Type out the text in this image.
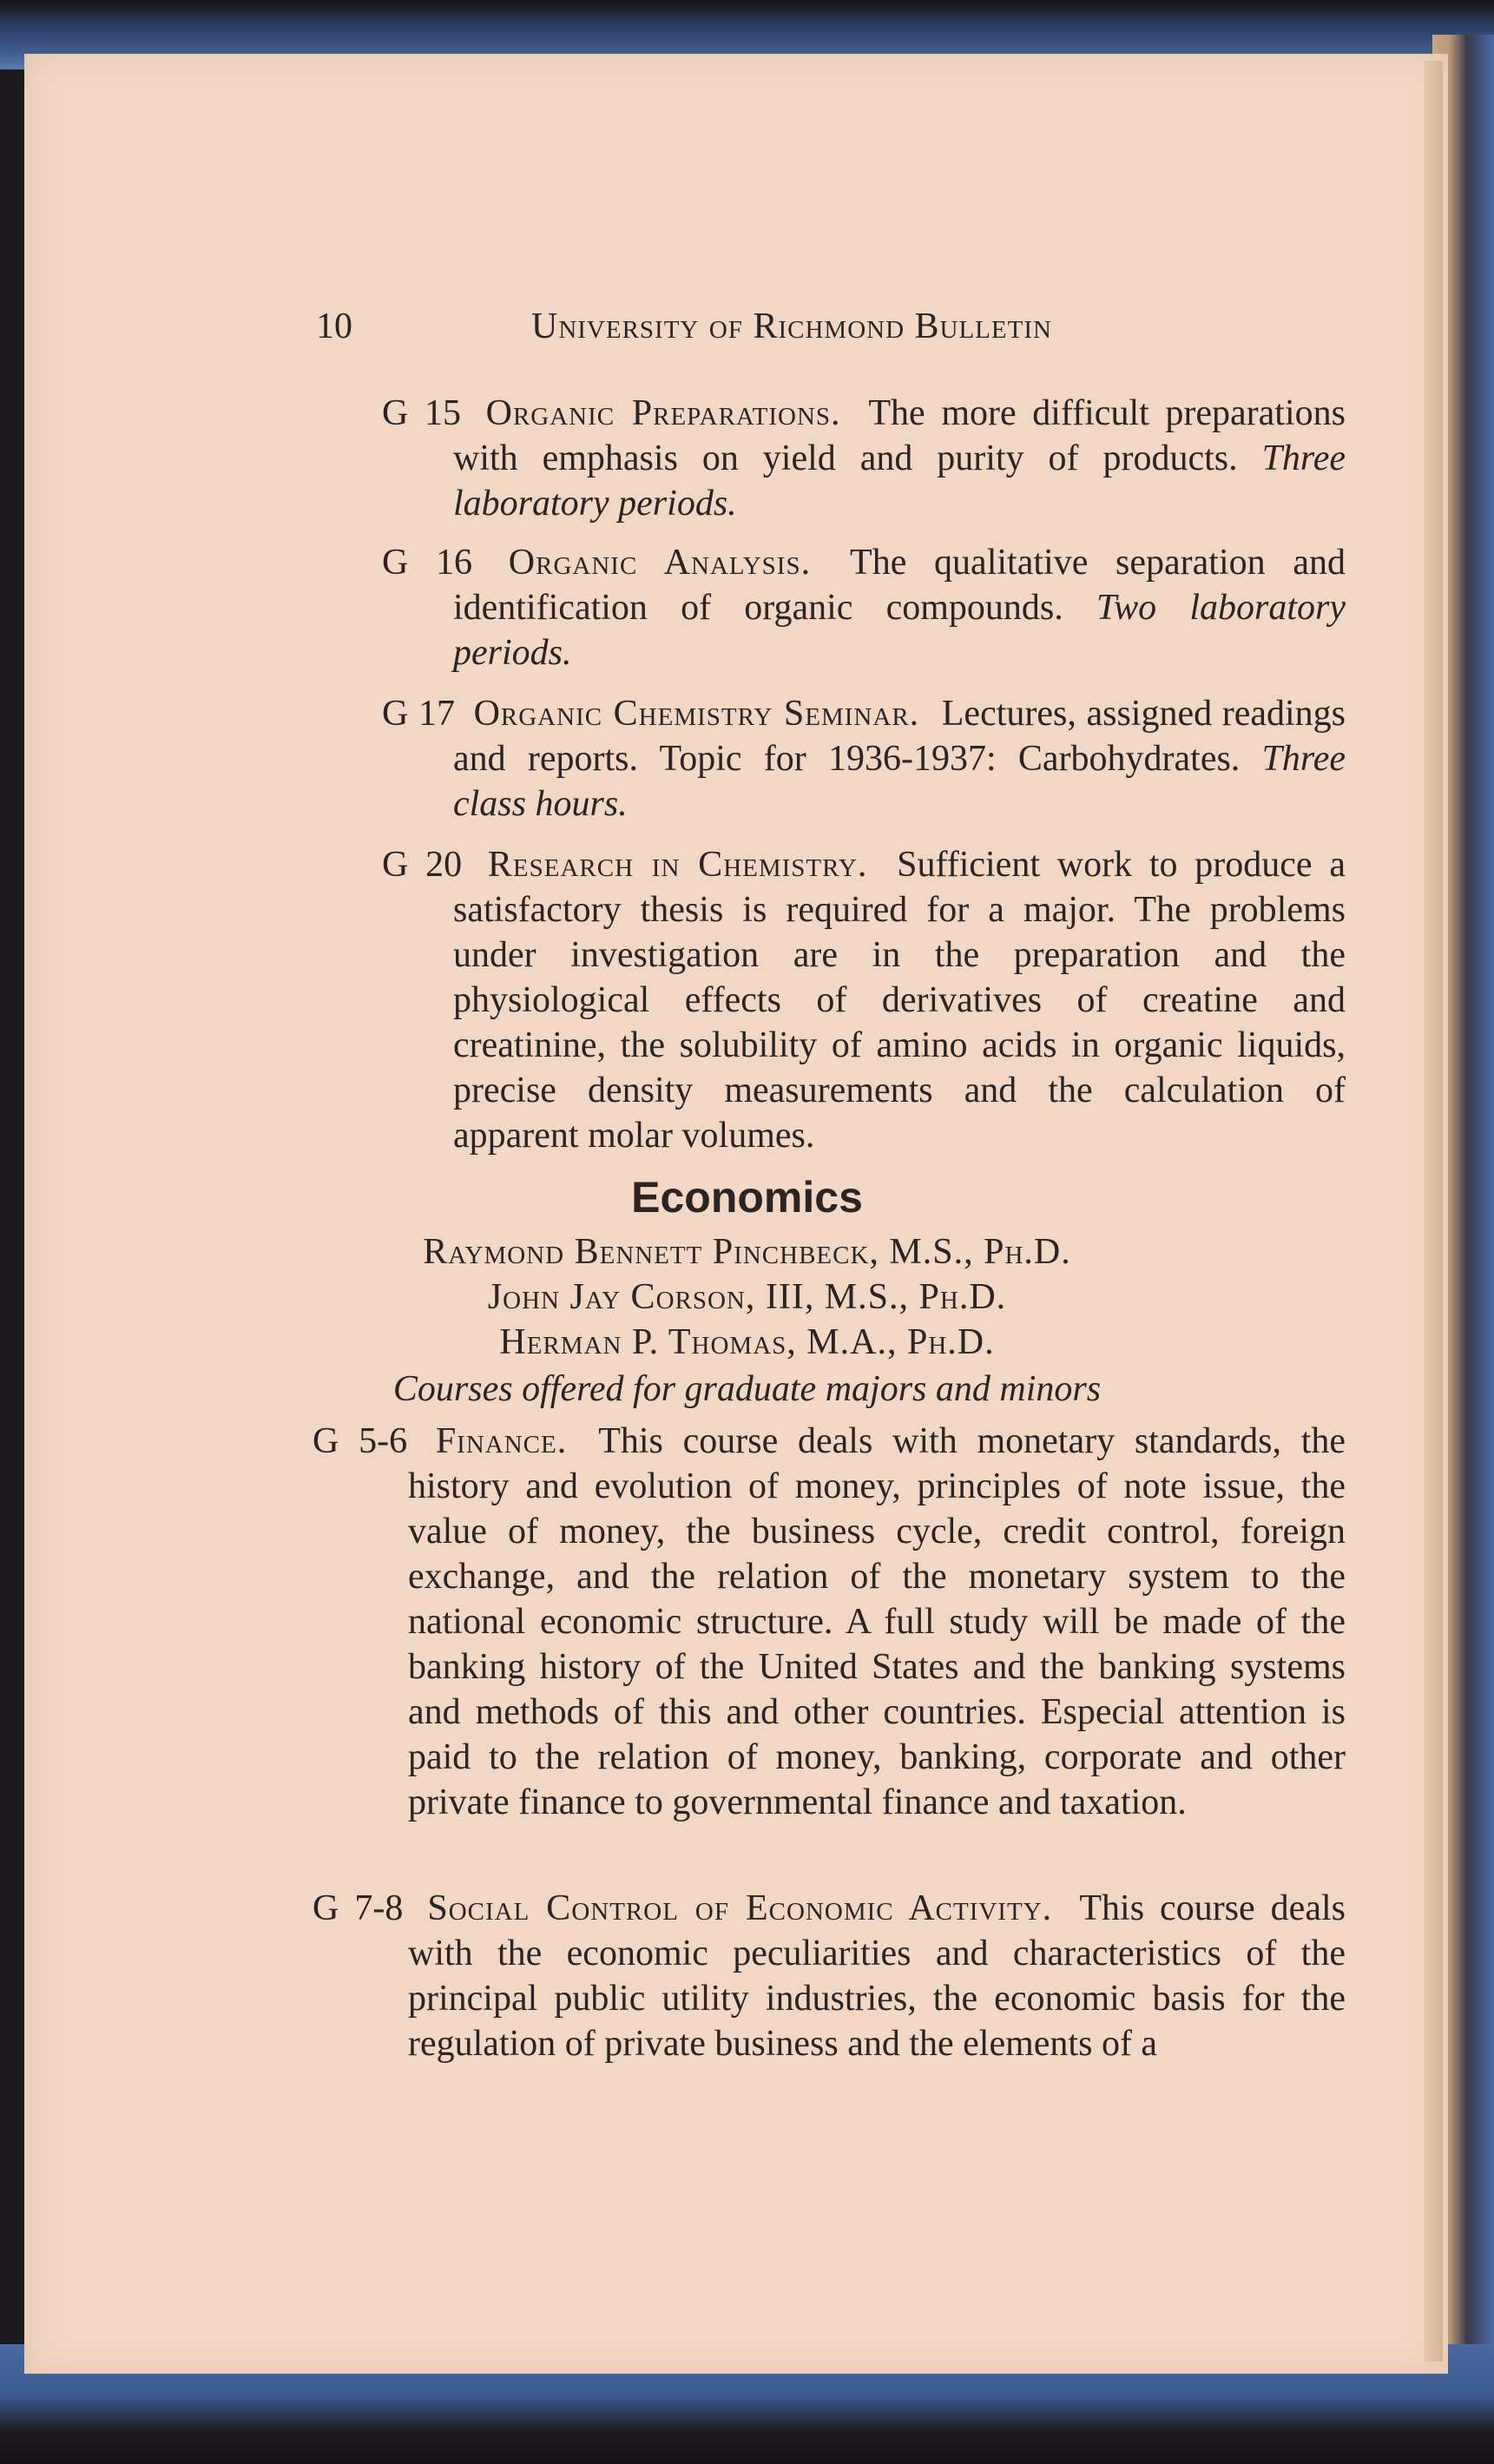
10	University of Richmond Bulletin
G 15 Organic Preparations. The more difficult preparations with emphasis on yield and purity of products. Three laboratory periods.
G 16 Organic Analysis. The qualitative separation and identification of organic compounds. Two laboratory periods.
G 17 Organic Chemistry Seminar. Lectures, assigned readings and reports. Topic for 1936-1937: Carbohydrates. Three class hours.
G 20 Research in Chemistry. Sufficient work to produce a satisfactory thesis is required for a major. The problems under investigation are in the preparation and the physiological effects of derivatives of creatine and creatinine, the solubility of amino acids in organic liquids, precise density measurements and the calculation of apparent molar volumes.
Economics
Raymond Bennett Pinchbeck, M.S., Ph.D.
John Jay Corson, III, M.S., Ph.D.
Herman P. Thomas, M.A., Ph.D.
Courses offered for graduate majors and minors
G 5-6 Finance. This course deals with monetary standards, the history and evolution of money, principles of note issue, the value of money, the business cycle, credit control, foreign exchange, and the relation of the monetary system to the national economic structure. A full study will be made of the banking history of the United States and the banking systems and methods of this and other countries. Especial attention is paid to the relation of money, banking, corporate and other private finance to governmental finance and taxation.
G 7-8 Social Control of Economic Activity. This course deals with the economic peculiarities and characteristics of the principal public utility industries, the economic basis for the regulation of private business and the elements of a
